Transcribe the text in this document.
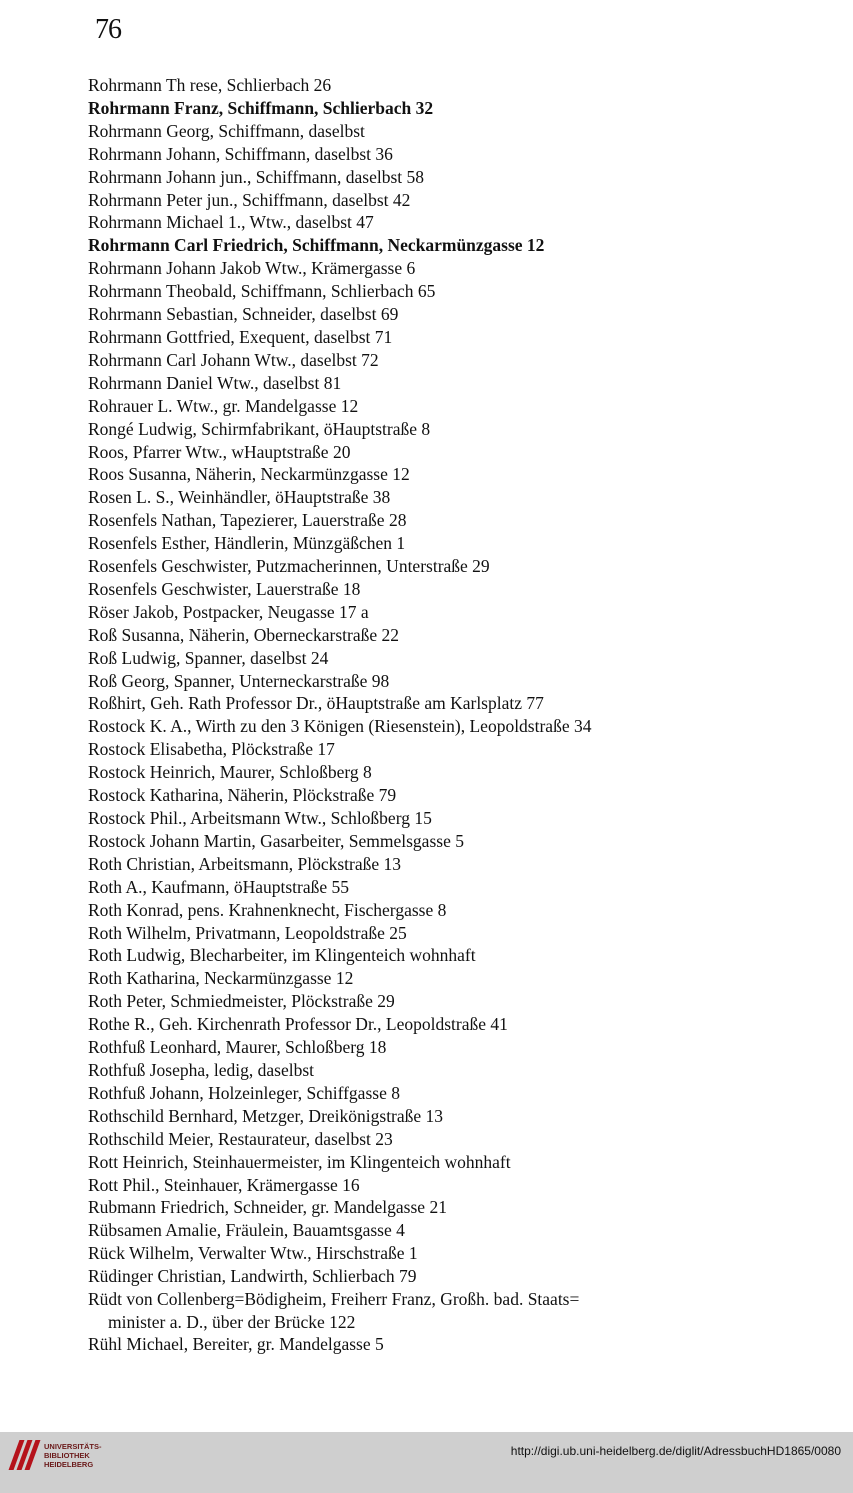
76
Rohrmann Th rese, Schlierbach 26
Rohrmann Franz, Schiffmann, Schlierbach 32
Rohrmann Georg, Schiffmann, daselbst
Rohrmann Johann, Schiffmann, daselbst 36
Rohrmann Johann jun., Schiffmann, daselbst 58
Rohrmann Peter jun., Schiffmann, daselbst 42
Rohrmann Michael 1., Wtw., daselbst 47
Rohrmann Carl Friedrich, Schiffmann, Neckarmünzgasse 12
Rohrmann Johann Jakob Wtw., Krämergasse 6
Rohrmann Theobald, Schiffmann, Schlierbach 65
Rohrmann Sebastian, Schneider, daselbst 69
Rohrmann Gottfried, Exequent, daselbst 71
Rohrmann Carl Johann Wtw., daselbst 72
Rohrmann Daniel Wtw., daselbst 81
Rohrauer L. Wtw., gr. Mandelgasse 12
Rongé Ludwig, Schirmfabrikant, öHauptstraße 8
Roos, Pfarrer Wtw., wHauptstraße 20
Roos Susanna, Näherin, Neckarmünzgasse 12
Rosen L. S., Weinhändler, öHauptstraße 38
Rosenfels Nathan, Tapezierer, Lauerstraße 28
Rosenfels Esther, Händlerin, Münzgäßchen 1
Rosenfels Geschwister, Putzmacherinnen, Unterstraße 29
Rosenfels Geschwister, Lauerstraße 18
Röser Jakob, Postpacker, Neugasse 17 a
Roß Susanna, Näherin, Oberneckarstraße 22
Roß Ludwig, Spanner, daselbst 24
Roß Georg, Spanner, Unterneckarstraße 98
Roßhirt, Geh. Rath Professor Dr., öHauptstraße am Karlsplatz 77
Rostock K. A., Wirth zu den 3 Königen (Riesenstein), Leopoldstraße 34
Rostock Elisabetha, Plöckstraße 17
Rostock Heinrich, Maurer, Schloßberg 8
Rostock Katharina, Näherin, Plöckstraße 79
Rostock Phil., Arbeitsmann Wtw., Schloßberg 15
Rostock Johann Martin, Gasarbeiter, Semmelsgasse 5
Roth Christian, Arbeitsmann, Plöckstraße 13
Roth A., Kaufmann, öHauptstraße 55
Roth Konrad, pens. Krahnenknecht, Fischergasse 8
Roth Wilhelm, Privatmann, Leopoldstraße 25
Roth Ludwig, Blecharbeiter, im Klingenteich wohnhaft
Roth Katharina, Neckarmünzgasse 12
Roth Peter, Schmiedmeister, Plöckstraße 29
Rothe R., Geh. Kirchenrath Professor Dr., Leopoldstraße 41
Rothfuß Leonhard, Maurer, Schloßberg 18
Rothfuß Josepha, ledig, daselbst
Rothfuß Johann, Holzeinleger, Schiffgasse 8
Rothschild Bernhard, Metzger, Dreikönigstraße 13
Rothschild Meier, Restaurateur, daselbst 23
Rott Heinrich, Steinhauermeister, im Klingenteich wohnhaft
Rott Phil., Steinhauer, Krämergasse 16
Rubmann Friedrich, Schneider, gr. Mandelgasse 21
Rübsamen Amalie, Fräulein, Bauamtsgasse 4
Rück Wilhelm, Verwalter Wtw., Hirschstraße 1
Rüdinger Christian, Landwirth, Schlierbach 79
Rüdt von Collenberg=Bödigheim, Freiherr Franz, Großh. bad. Staats=
minister a. D., über der Brücke 122
Rühl Michael, Bereiter, gr. Mandelgasse 5
UNIVERSITÄTS-
BIBLIOTHEK
HEIDELBERG
http://digi.ub.uni-heidelberg.de/diglit/AdressbuchHD1865/0080
